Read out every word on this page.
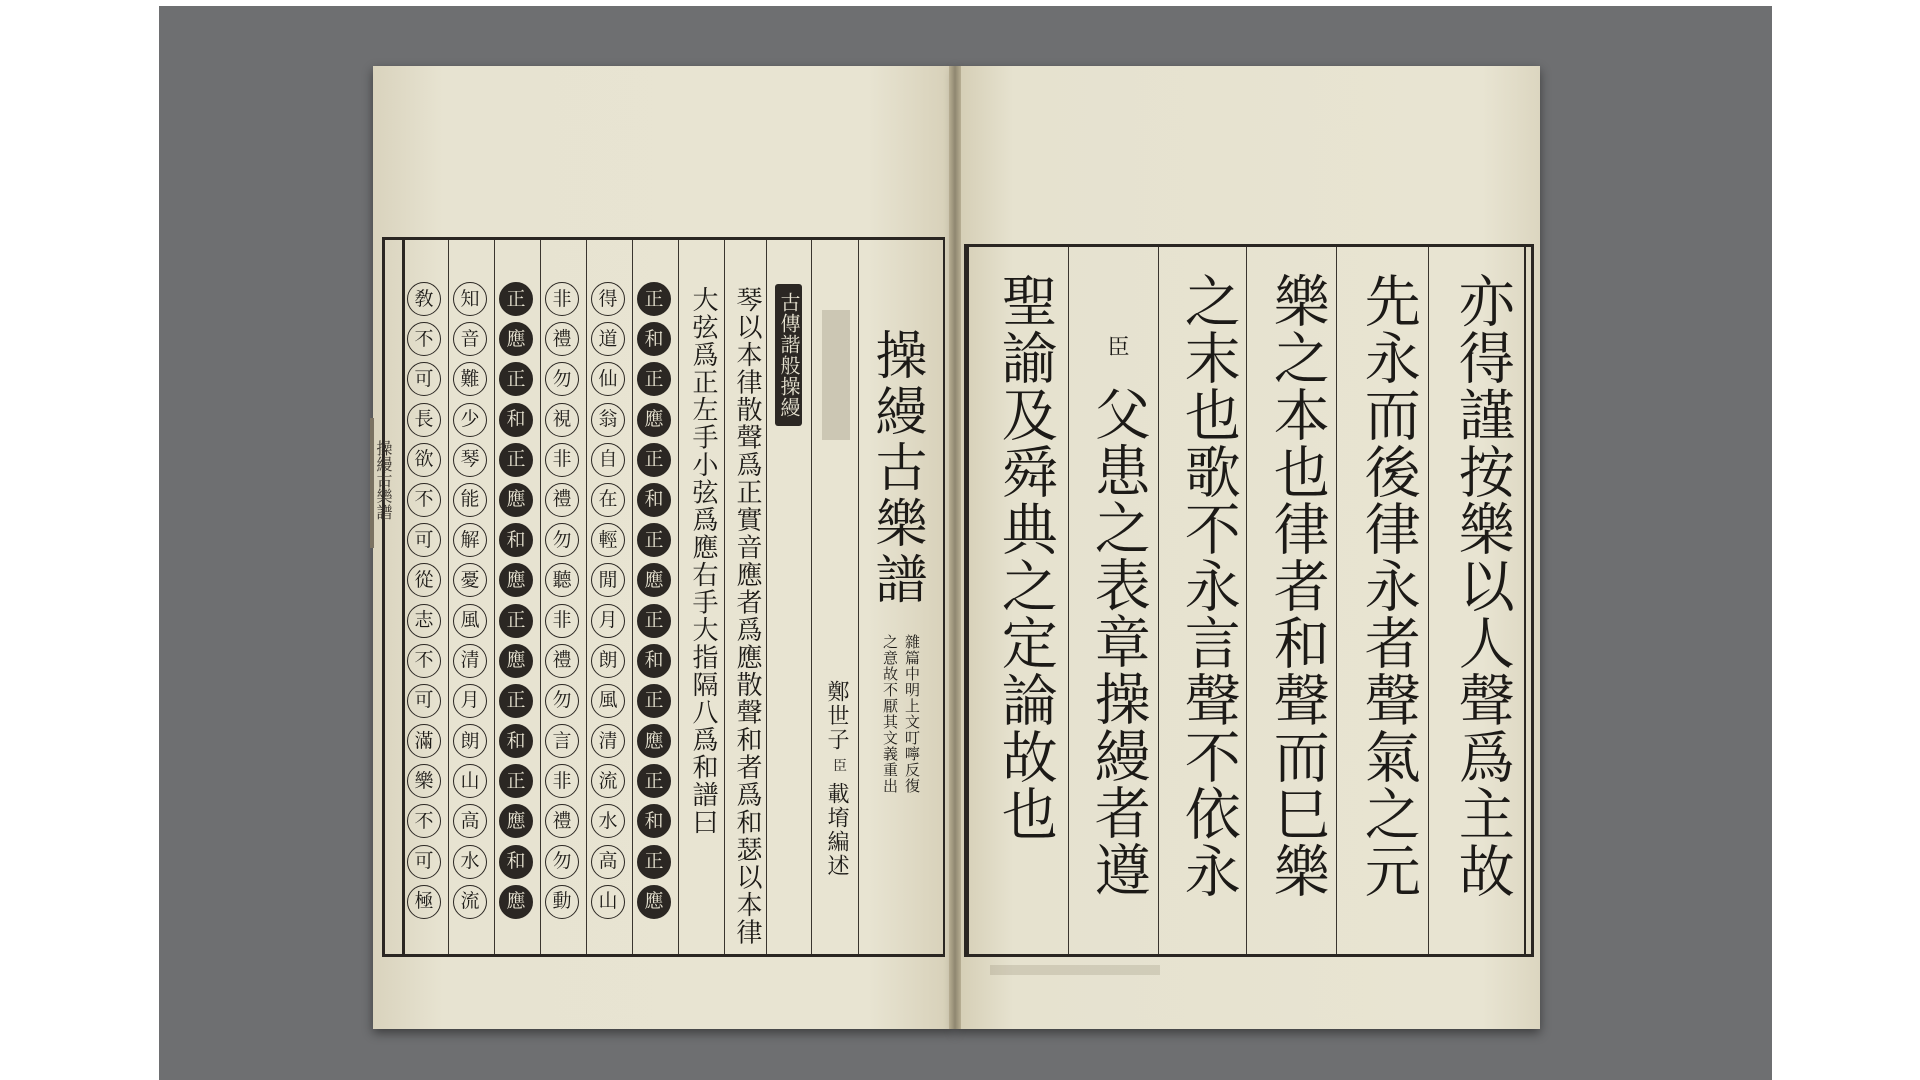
操縵古樂譜
敎
不
可
長
欲
不
可
從
志
不
可
滿
樂
不
可
極
知
音
難
少
琴
能
解
憂
風
清
月
朗
山
高
水
流
正
應
正
和
正
應
和
應
正
應
正
和
正
應
和
應
非
禮
勿
視
非
禮
勿
聽
非
禮
勿
言
非
禮
勿
動
得
道
仙
翁
自
在
輕
閒
月
朗
風
清
流
水
高
山
正
和
正
應
正
和
正
應
正
和
正
應
正
和
正
應
大弦爲正左手小弦爲應右手大指隔八爲和譜曰 琴以本律散聲爲正實音應者爲應散聲和者爲和瑟以本律 古傳諧般操縵
鄭世子
臣
載堉編述
操縵古樂譜
雜篇中明上文叮嚀反復
之意故不厭其文義重出	亦得謹按樂以人聲爲主故
先永而後律永者聲氣之元
樂之本也律者和聲而巳樂
之末也歌不永言聲不依永
臣
父患之表章操縵者遵
聖諭及舜典之定論故也
